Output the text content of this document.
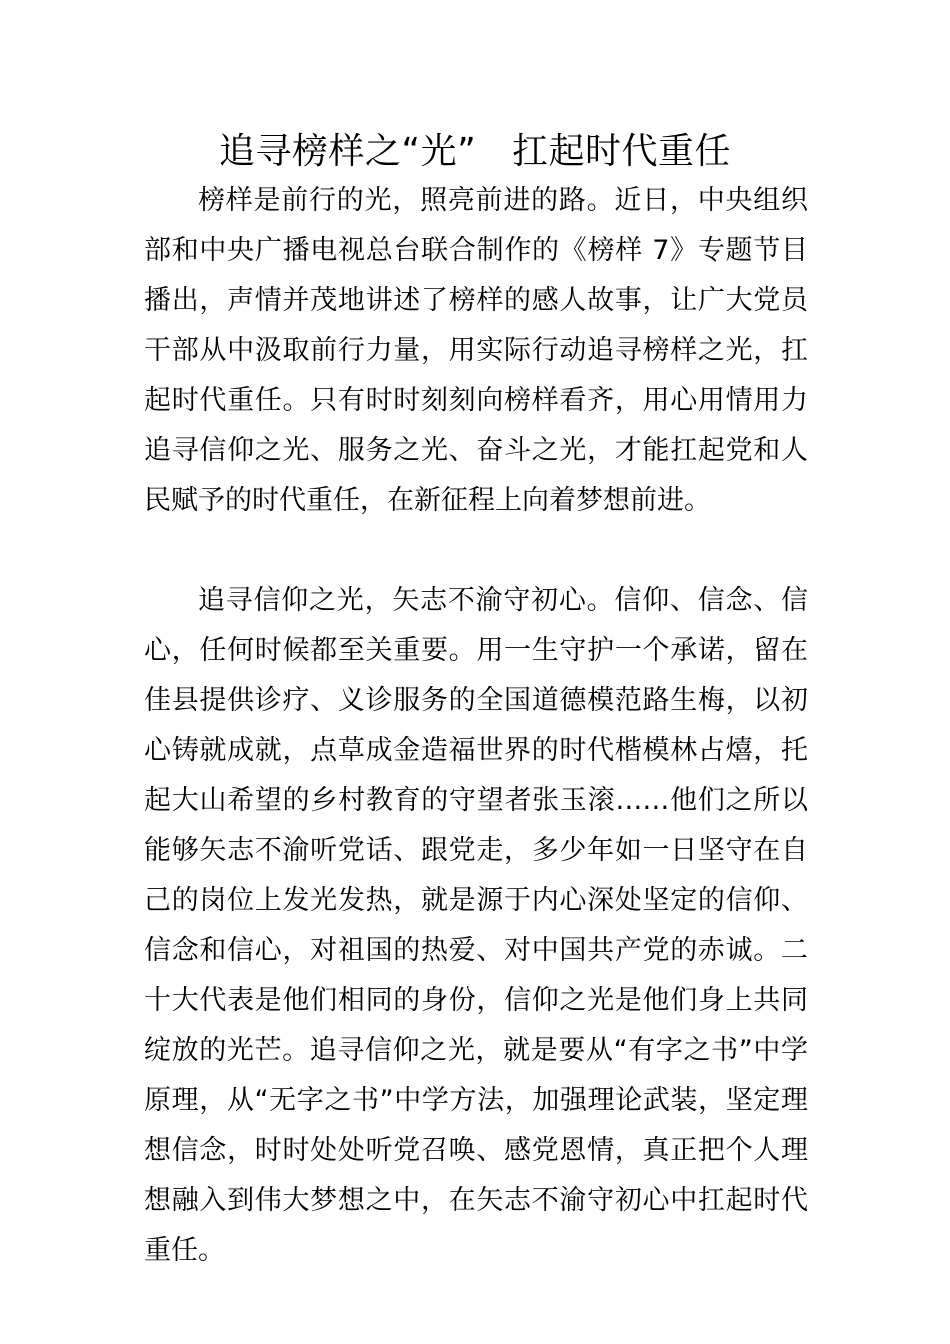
追寻榜样之“光”   扛起时代重任

榜样是前行的光，照亮前进的路。近日，中央组织部和中央广播电视总台联合制作的《榜样 7》专题节目播出，声情并茂地讲述了榜样的感人故事，让广大党员干部从中汲取前行力量，用实际行动追寻榜样之光，扛起时代重任。只有时时刻刻向榜样看齐，用心用情用力追寻信仰之光、服务之光、奋斗之光，才能扛起党和人民赋予的时代重任，在新征程上向着梦想前进。

追寻信仰之光，矢志不渝守初心。信仰、信念、信心，任何时候都至关重要。用一生守护一个承诺，留在佳县提供诊疗、义诊服务的全国道德模范路生梅，以初心铸就成就，点草成金造福世界的时代楷模林占熺，托起大山希望的乡村教育的守望者张玉滚……他们之所以能够矢志不渝听党话、跟党走，多少年如一日坚守在自己的岗位上发光发热，就是源于内心深处坚定的信仰、信念和信心，对祖国的热爱、对中国共产党的赤诚。二十大代表是他们相同的身份，信仰之光是他们身上共同绽放的光芒。追寻信仰之光，就是要从“有字之书”中学原理，从“无字之书”中学方法，加强理论武装，坚定理想信念，时时处处听党召唤、感党恩情，真正把个人理想融入到伟大梦想之中，在矢志不渝守初心中扛起时代重任。
